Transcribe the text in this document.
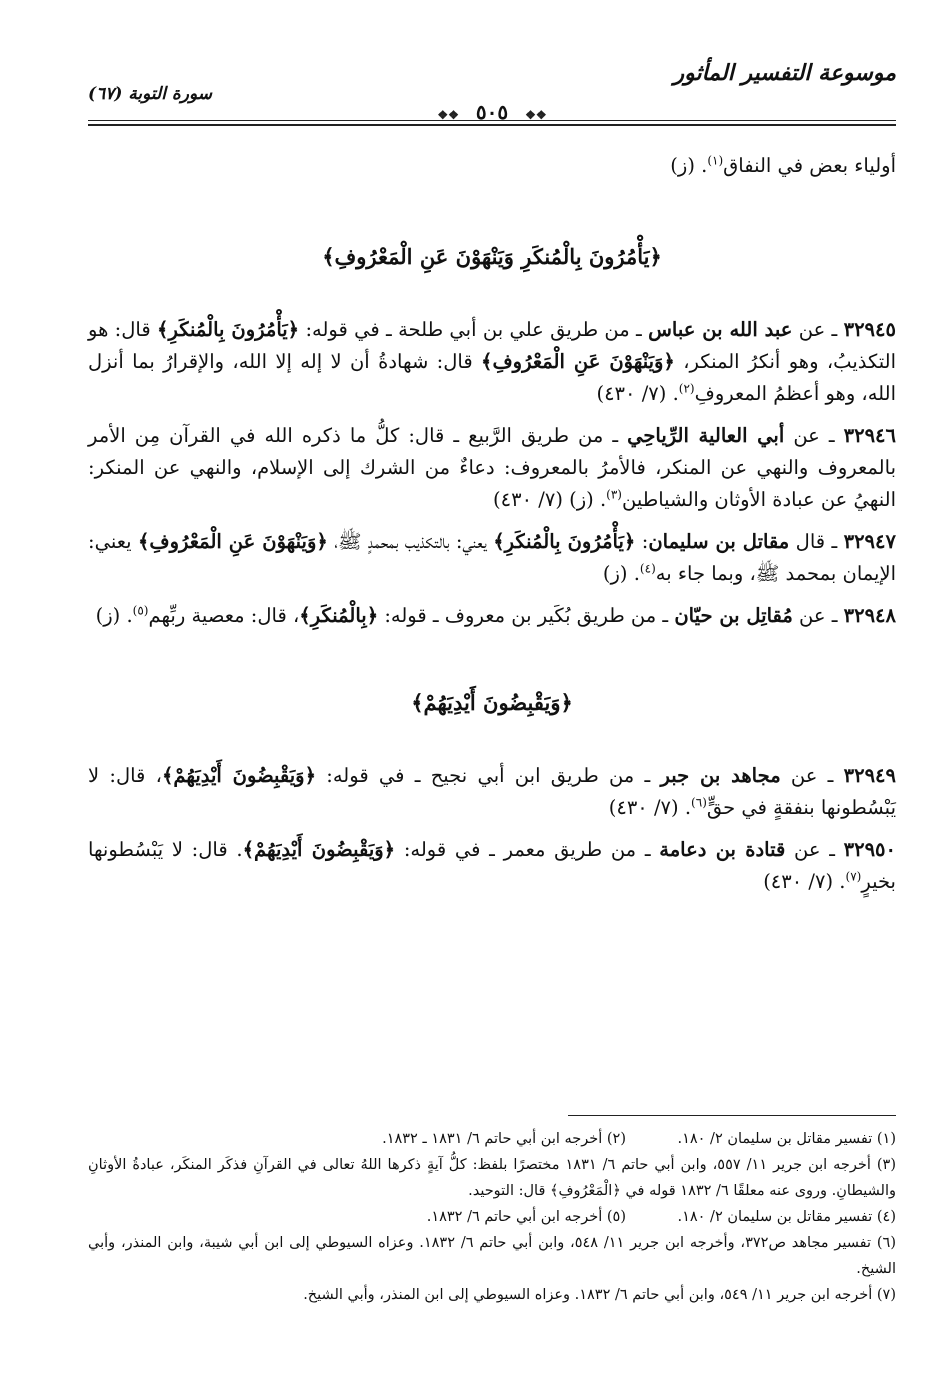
موسوعة التفسير المأثور
❖❖ ٥٠٥ ❖❖
سورة التوبة (٦٧)

أولياء بعض في النفاق$^{(١)}$. (ز)

﴿يَأْمُرُونَ بِالْمُنكَرِ وَيَنْهَوْنَ عَنِ الْمَعْرُوفِ﴾

٣٢٩٤٥ ـ عن عبد الله بن عباس ـ من طريق علي بن أبي طلحة ـ في قوله: ﴿يَأْمُرُونَ بِالْمُنكَرِ﴾ قال: هو التكذيبُ، وهو أنكرُ المنكر، ﴿وَيَنْهَوْنَ عَنِ الْمَعْرُوفِ﴾ قال: شهادةُ أن لا إله إلا الله، والإقرارُ بما أنزل الله، وهو أعظمُ المعروفِ$^{(٢)}$. (٧/ ٤٣٠)

٣٢٩٤٦ ـ عن أبي العالية الرِّياحِي ـ من طريق الرَّبيع ـ قال: كلُّ ما ذكره الله في القرآن مِن الأمر بالمعروف والنهي عن المنكر، فالأمرُ بالمعروف: دعاءٌ من الشرك إلى الإسلام، والنهي عن المنكر: النهيُ عن عبادة الأوثان والشياطين$^{(٣)}$. (ز) (٧/ ٤٣٠)

٣٢٩٤٧ ـ قال مقاتل بن سليمان: ﴿يَأْمُرُونَ بِالْمُنكَرِ﴾ يعني: بالتكذيب بمحمدٍ ﷺ، ﴿وَيَنْهَوْنَ عَنِ الْمَعْرُوفِ﴾ يعني: الإيمان بمحمد ﷺ، وبما جاء به$^{(٤)}$. (ز)

٣٢٩٤٨ ـ عن مُقاتِل بن حيّان ـ من طريق بُكَير بن معروف ـ قوله: ﴿بِالْمُنكَرِ﴾، قال: معصية ربِّهم$^{(٥)}$. (ز)

﴿وَيَقْبِضُونَ أَيْدِيَهُمْ﴾

٣٢٩٤٩ ـ عن مجاهد بن جبر ـ من طريق ابن أبي نجيح ـ في قوله: ﴿وَيَقْبِضُونَ أَيْدِيَهُمْ﴾، قال: لا يَبْسُطونها بنفقةٍ في حقٍّ$^{(٦)}$. (٧/ ٤٣٠)

٣٢٩٥٠ ـ عن قتادة بن دعامة ـ من طريق معمر ـ في قوله: ﴿وَيَقْبِضُونَ أَيْدِيَهُمْ﴾. قال: لا يَبْسُطونها بخيرٍ$^{(٧)}$. (٧/ ٤٣٠)

(١) تفسير مقاتل بن سليمان ٢/ ١٨٠.
(٢) أخرجه ابن أبي حاتم ٦/ ١٨٣١ ـ ١٨٣٢.

(٣) أخرجه ابن جرير ١١/ ٥٥٧، وابن أبي حاتم ٦/ ١٨٣١ مختصرًا بلفظ: كلُّ آيةٍ ذكرها اللهُ تعالى في القرآنِ فذكَر المنكَر، عبادةُ الأوثانِ والشيطانِ. وروى عنه معلقًا ٦/ ١٨٣٢ قوله في ﴿الْمَعْرُوفِ﴾ قال: التوحيد.

(٤) تفسير مقاتل بن سليمان ٢/ ١٨٠.
(٥) أخرجه ابن أبي حاتم ٦/ ١٨٣٢.

(٦) تفسير مجاهد ص٣٧٢، وأخرجه ابن جرير ١١/ ٥٤٨، وابن أبي حاتم ٦/ ١٨٣٢. وعزاه السيوطي إلى ابن أبي شيبة، وابن المنذر، وأبي الشيخ.

(٧) أخرجه ابن جرير ١١/ ٥٤٩، وابن أبي حاتم ٦/ ١٨٣٢. وعزاه السيوطي إلى ابن المنذر، وأبي الشيخ.
